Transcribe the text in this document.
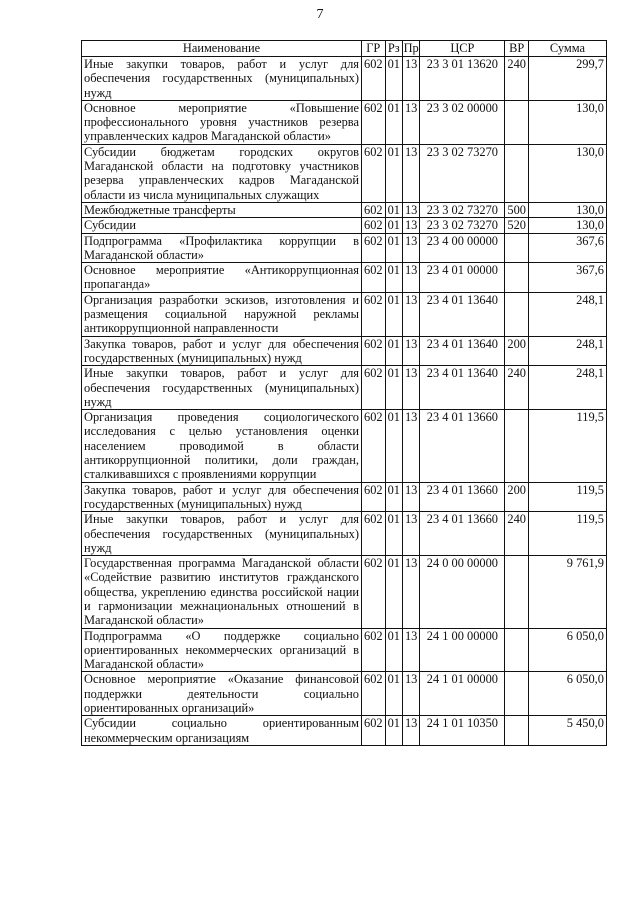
7
Наименование	ГР	Рз	Пр	ЦСР	ВР	Сумма
Иные закупки товаров, работ и услуг для обеспечения государственных (муниципальных) нужд	602	01	13	23 3 01 13620	240	299,7
Основное мероприятие «Повышение профессионального уровня участников резерва управленческих кадров Магаданской области»	602	01	13	23 3 02 00000		130,0
Субсидии бюджетам городских округов Магаданской области на подготовку участников резерва управленческих кадров Магаданской области из числа муниципальных служащих	602	01	13	23 3 02 73270		130,0
Межбюджетные трансферты	602	01	13	23 3 02 73270	500	130,0
Субсидии	602	01	13	23 3 02 73270	520	130,0
Подпрограмма «Профилактика коррупции в Магаданской области»	602	01	13	23 4 00 00000		367,6
Основное мероприятие «Антикоррупционная пропаганда»	602	01	13	23 4 01 00000		367,6
Организация разработки эскизов, изготовления и размещения социальной наружной рекламы антикоррупционной направленности	602	01	13	23 4 01 13640		248,1
Закупка товаров, работ и услуг для обеспечения государственных (муниципальных) нужд	602	01	13	23 4 01 13640	200	248,1
Иные закупки товаров, работ и услуг для обеспечения государственных (муниципальных) нужд	602	01	13	23 4 01 13640	240	248,1
Организация проведения социологического исследования с целью установления оценки населением проводимой в области антикоррупционной политики, доли граждан, сталкивавшихся с проявлениями коррупции	602	01	13	23 4 01 13660		119,5
Закупка товаров, работ и услуг для обеспечения государственных (муниципальных) нужд	602	01	13	23 4 01 13660	200	119,5
Иные закупки товаров, работ и услуг для обеспечения государственных (муниципальных) нужд	602	01	13	23 4 01 13660	240	119,5
Государственная программа Магаданской области «Содействие развитию институтов гражданского общества, укреплению единства российской нации и гармонизации межнациональных отношений в Магаданской области»	602	01	13	24 0 00 00000		9 761,9
Подпрограмма «О поддержке социально ориентированных некоммерческих организаций в Магаданской области»	602	01	13	24 1 00 00000		6 050,0
Основное мероприятие «Оказание финансовой поддержки деятельности социально ориентированных организаций»	602	01	13	24 1 01 00000		6 050,0
Субсидии социально ориентированным некоммерческим организациям	602	01	13	24 1 01 10350		5 450,0
